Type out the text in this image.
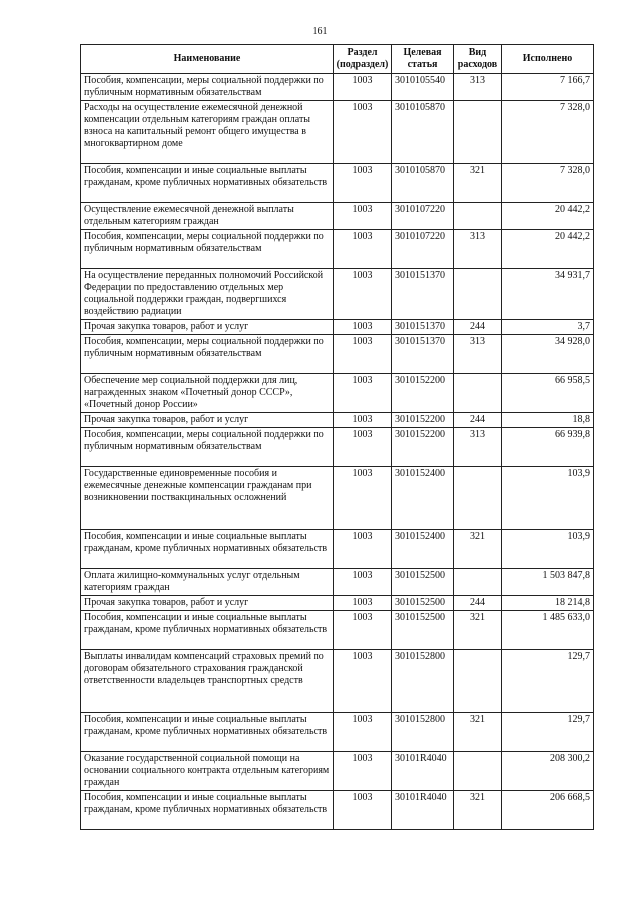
161
Наименование	Раздел (подраздел)	Целевая статья	Вид расходов	Исполнено
Пособия, компенсации, меры социальной поддержки по публичным нормативным обязательствам	1003	3010105540	313	7 166,7
Расходы на осуществление ежемесячной денежной компенсации отдельным категориям граждан оплаты взноса на капитальный ремонт общего имущества в многоквартирном доме	1003	3010105870		7 328,0
Пособия, компенсации и иные социальные выплаты гражданам, кроме публичных нормативных обязательств	1003	3010105870	321	7 328,0
Осуществление ежемесячной денежной выплаты отдельным категориям граждан	1003	3010107220		20 442,2
Пособия, компенсации, меры социальной поддержки по публичным нормативным обязательствам	1003	3010107220	313	20 442,2
На осуществление переданных полномочий Российской Федерации по предоставлению отдельных мер социальной поддержки граждан, подвергшихся воздействию радиации	1003	3010151370		34 931,7
Прочая закупка товаров, работ и услуг	1003	3010151370	244	3,7
Пособия, компенсации, меры социальной поддержки по публичным нормативным обязательствам	1003	3010151370	313	34 928,0
Обеспечение мер социальной поддержки для лиц, награжденных знаком «Почетный донор СССР», «Почетный донор России»	1003	3010152200		66 958,5
Прочая закупка товаров, работ и услуг	1003	3010152200	244	18,8
Пособия, компенсации, меры социальной поддержки по публичным нормативным обязательствам	1003	3010152200	313	66 939,8
Государственные единовременные пособия и ежемесячные денежные компенсации гражданам при возникновении поствакцинальных осложнений	1003	3010152400		103,9
Пособия, компенсации и иные социальные выплаты гражданам, кроме публичных нормативных обязательств	1003	3010152400	321	103,9
Оплата жилищно-коммунальных услуг отдельным категориям граждан	1003	3010152500		1 503 847,8
Прочая закупка товаров, работ и услуг	1003	3010152500	244	18 214,8
Пособия, компенсации и иные социальные выплаты гражданам, кроме публичных нормативных обязательств	1003	3010152500	321	1 485 633,0
Выплаты инвалидам компенсаций страховых премий по договорам обязательного страхования гражданской ответственности владельцев транспортных средств	1003	3010152800		129,7
Пособия, компенсации и иные социальные выплаты гражданам, кроме публичных нормативных обязательств	1003	3010152800	321	129,7
Оказание государственной социальной помощи на основании социального контракта отдельным категориям граждан	1003	30101R4040		208 300,2
Пособия, компенсации и иные социальные выплаты гражданам, кроме публичных нормативных обязательств	1003	30101R4040	321	206 668,5
